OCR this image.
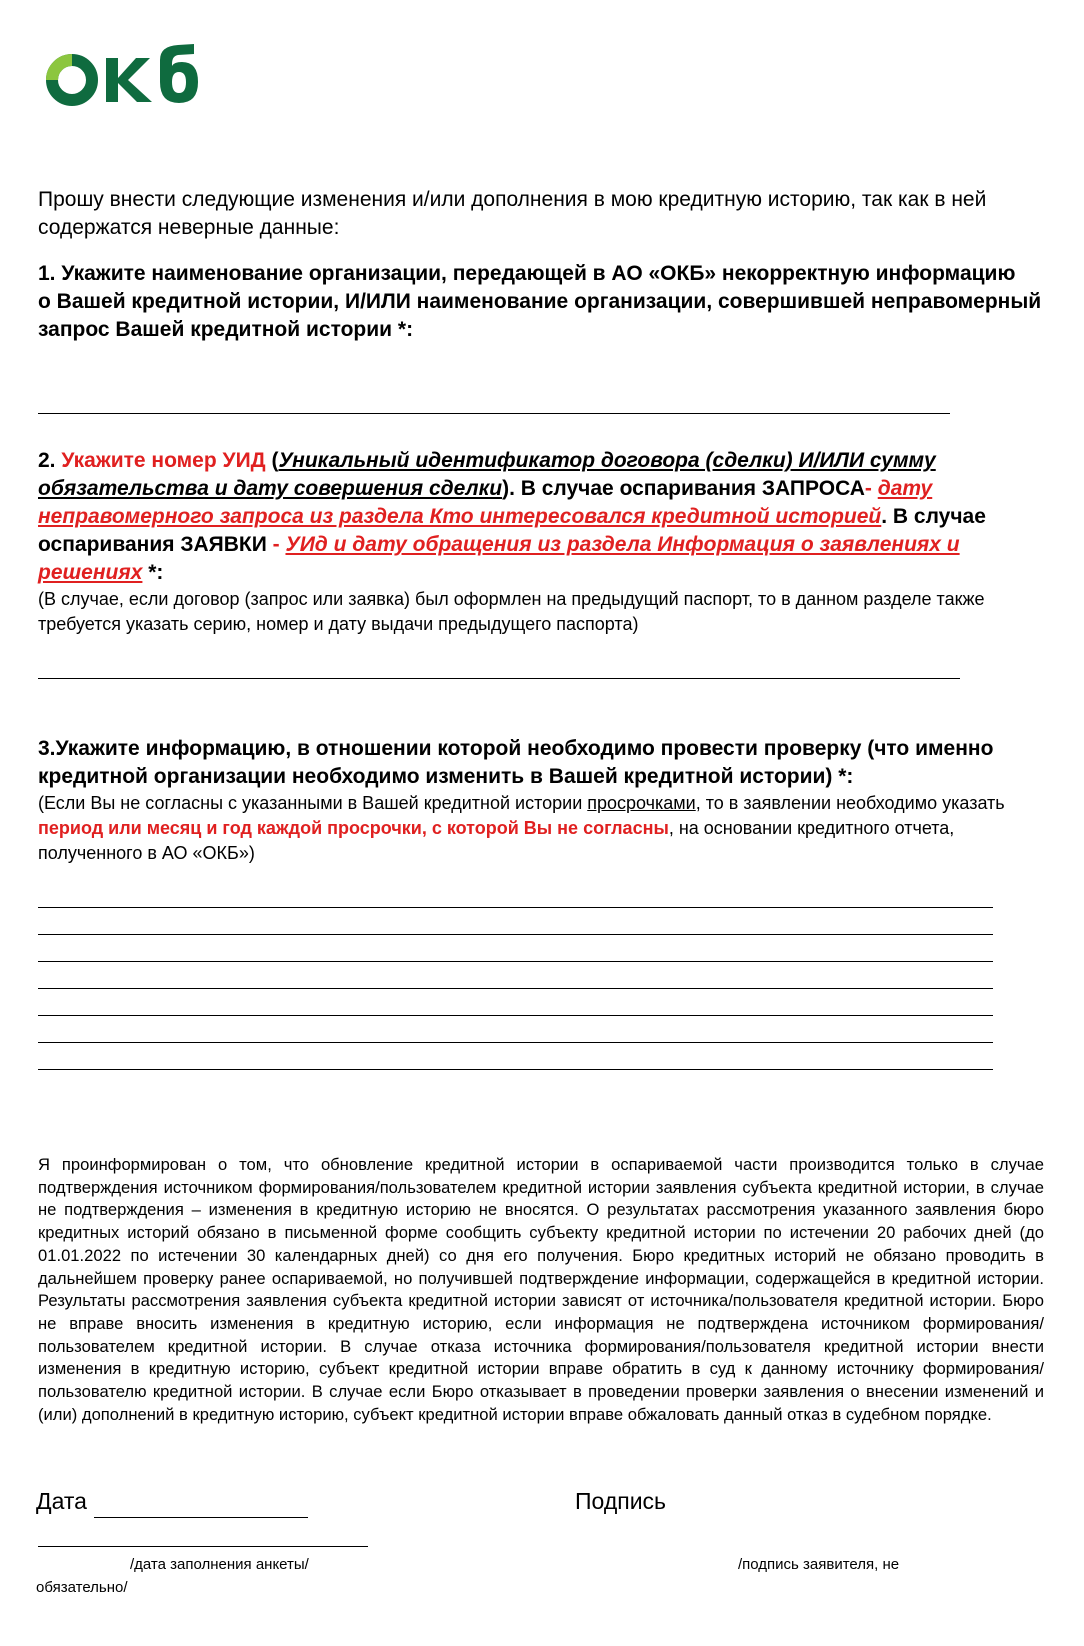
Прошу внести следующие изменения и/или дополнения в мою кредитную историю, так как в ней содержатся неверные данные:
1. Укажите наименование организации, передающей в АО «ОКБ» некорректную информацию
о Вашей кредитной истории, И/ИЛИ наименование организации, совершившей неправомерный запрос Вашей кредитной истории *:
2. Укажите номер УИД (Уникальный идентификатор договора (сделки) И/ИЛИ сумму обязательства и дату совершения сделки). В случае оспаривания ЗАПРОСА- дату неправомерного запроса из раздела Кто интересовался кредитной историей. В случае оспаривания ЗАЯВКИ - УИд и дату обращения из раздела Информация о заявлениях и решениях *:
(В случае, если договор (запрос или заявка) был оформлен на предыдущий паспорт, то в данном разделе также требуется указать серию, номер и дату выдачи предыдущего паспорта)
3.Укажите информацию, в отношении которой необходимо провести проверку (что именно кредитной организации необходимо изменить в Вашей кредитной истории) *:
(Если Вы не согласны с указанными в Вашей кредитной истории просрочками, то в заявлении необходимо указать период или месяц и год каждой просрочки, с которой Вы не согласны, на основании кредитного отчета, полученного в АО «ОКБ»)
Я проинформирован о том, что обновление кредитной истории в оспариваемой части производится только в случае подтверждения источником формирования/пользователем кредитной истории заявления субъекта кредитной истории, в случае не подтверждения – изменения в кредитную историю не вносятся. О результатах рассмотрения указанного заявления бюро кредитных историй обязано в письменной форме сообщить субъекту кредитной истории по истечении 20 рабочих дней (до 01.01.2022 по истечении 30 календарных дней) со дня его получения. Бюро кредитных историй не обязано проводить в дальнейшем проверку ранее оспариваемой, но получившей подтверждение информации, содержащейся в кредитной истории. Результаты рассмотрения заявления субъекта кредитной истории зависят от источника/пользователя кредитной истории. Бюро не вправе вносить изменения в кредитную историю, если информация не подтверждена источником формирования/пользователем кредитной истории. В случае отказа источника формирования/пользователя кредитной истории внести изменения в кредитную историю, субъект кредитной истории вправе обратить в суд к данному источнику формирования/пользователю кредитной истории. В случае если Бюро отказывает в проведении проверки заявления о внесении изменений и (или) дополнений в кредитную историю, субъект кредитной истории вправе обжаловать данный отказ в судебном порядке.
Дата	Подпись
/дата заполнения анкеты/	/подпись заявителя, не
обязательно/
